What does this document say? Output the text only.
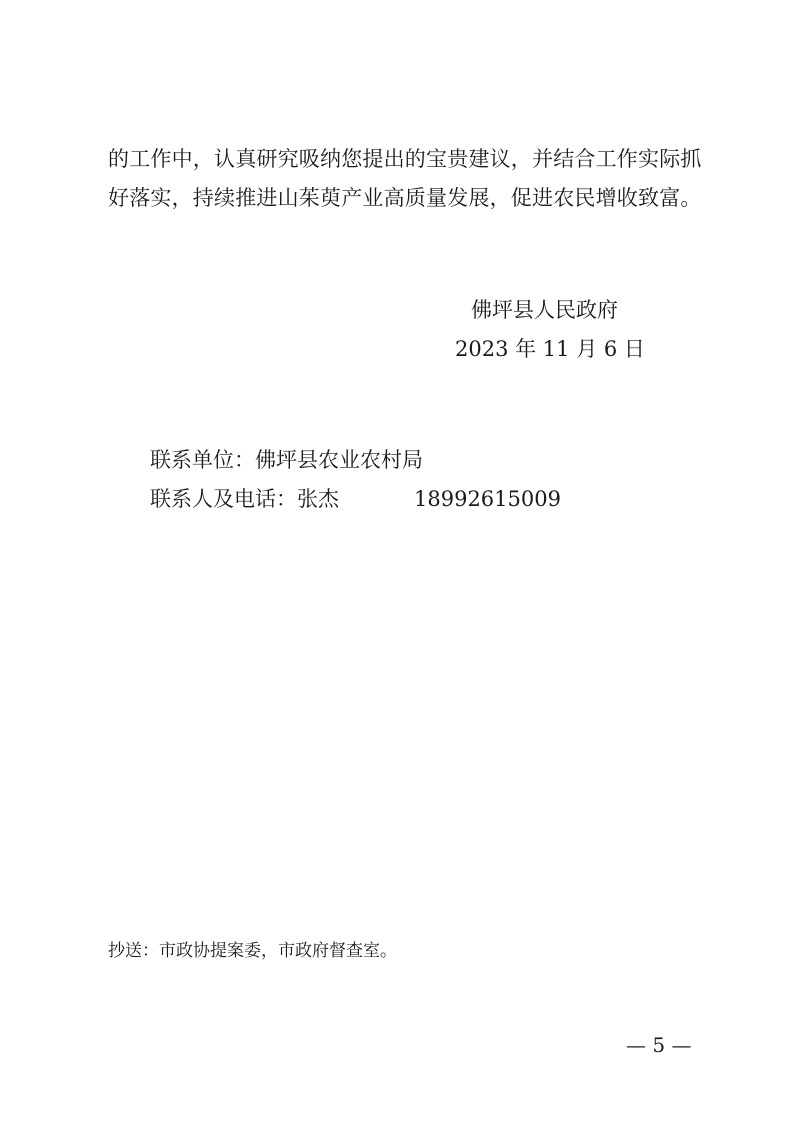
的工作中，认真研究吸纳您提出的宝贵建议，并结合工作实际抓
好落实，持续推进山茱萸产业高质量发展，促进农民增收致富。
佛坪县人民政府
2023 年 11 月 6 日
联系单位：佛坪县农业农村局
联系人及电话：张杰	18992615009
抄送：市政协提案委，市政府督查室。
— 5 —
